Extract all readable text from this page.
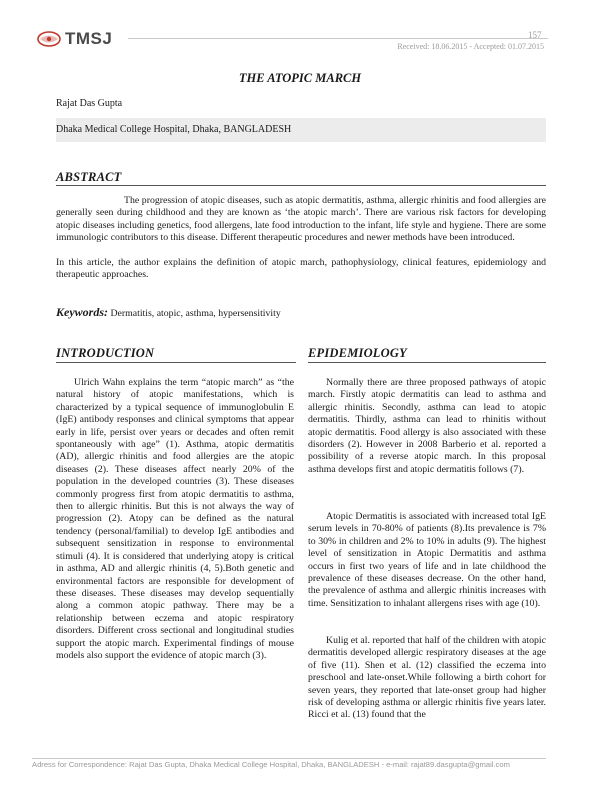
TMSJ	157
Received: 18.06.2015 - Accepted: 01.07.2015
THE ATOPIC MARCH
Rajat Das Gupta
Dhaka Medical College Hospital, Dhaka, BANGLADESH
ABSTRACT

The progression of atopic diseases, such as atopic dermatitis, asthma, allergic rhinitis and food allergies are generally seen during childhood and they are known as ‘the atopic march’. There are various risk factors for developing atopic diseases including genetics, food allergens, late food introduction to the infant, life style and hygiene. There are some immunologic contributors to this disease. Different therapeutic procedures and newer methods have been introduced.

In this article, the author explains the definition of atopic march, pathophysiology, clinical features, epidemiology and therapeutic approaches.

Keywords: Dermatitis, atopic, asthma, hypersensitivity
INTRODUCTION

Ulrich Wahn explains the term “atopic march” as “the natural history of atopic manifestations, which is characterized by a typical sequence of immunoglobulin E (IgE) antibody responses and clinical symptoms that appear early in life, persist over years or decades and often remit spontaneously with age” (1). Asthma, atopic dermatitis (AD), allergic rhinitis and food allergies are the atopic diseases (2). These diseases affect nearly 20% of the population in the developed countries (3). These diseases commonly progress first from atopic dermatitis to asthma, then to allergic rhinitis. But this is not always the way of progression (2). Atopy can be defined as the natural tendency (personal/familial) to develop IgE antibodies and subsequent sensitization in response to environmental stimuli (4). It is considered that underlying atopy is critical in asthma, AD and allergic rhinitis (4, 5).Both genetic and environmental factors are responsible for development of these diseases. These diseases may develop sequentially along a common atopic pathway. There may be a relationship between eczema and atopic respiratory disorders. Different cross sectional and longitudinal studies support the atopic march. Experimental findings of mouse models also support the evidence of atopic march (3).

EPIDEMIOLOGY

Normally there are three proposed pathways of atopic march. Firstly atopic dermatitis can lead to asthma and allergic rhinitis. Secondly, asthma can lead to atopic dermatitis. Thirdly, asthma can lead to rhinitis without atopic dermatitis. Food allergy is also associated with these disorders (2). However in 2008 Barberio et al. reported a possibility of a reverse atopic march. In this proposal asthma develops first and atopic dermatitis follows (7).

Atopic Dermatitis is associated with increased total IgE serum levels in 70-80% of patients (8).Its prevalence is 7% to 30% in children and 2% to 10% in adults (9). The highest level of sensitization in Atopic Dermatitis and asthma occurs in first two years of life and in late childhood the prevalence of these diseases decrease. On the other hand, the prevalence of asthma and allergic rhinitis increases with time. Sensitization to inhalant allergens rises with age (10).

Kulig et al. reported that half of the children with atopic dermatitis developed allergic respiratory diseases at the age of five (11). Shen et al. (12) classified the eczema into preschool and late-onset.While following a birth cohort for seven years, they reported that late-onset group had higher risk of developing asthma or allergic rhinitis five years later. Ricci et al. (13) found that the

Adress for Correspondence: Rajat Das Gupta, Dhaka Medical College Hospital, Dhaka, BANGLADESH - e-mail: rajat89.dasgupta@gmail.com
